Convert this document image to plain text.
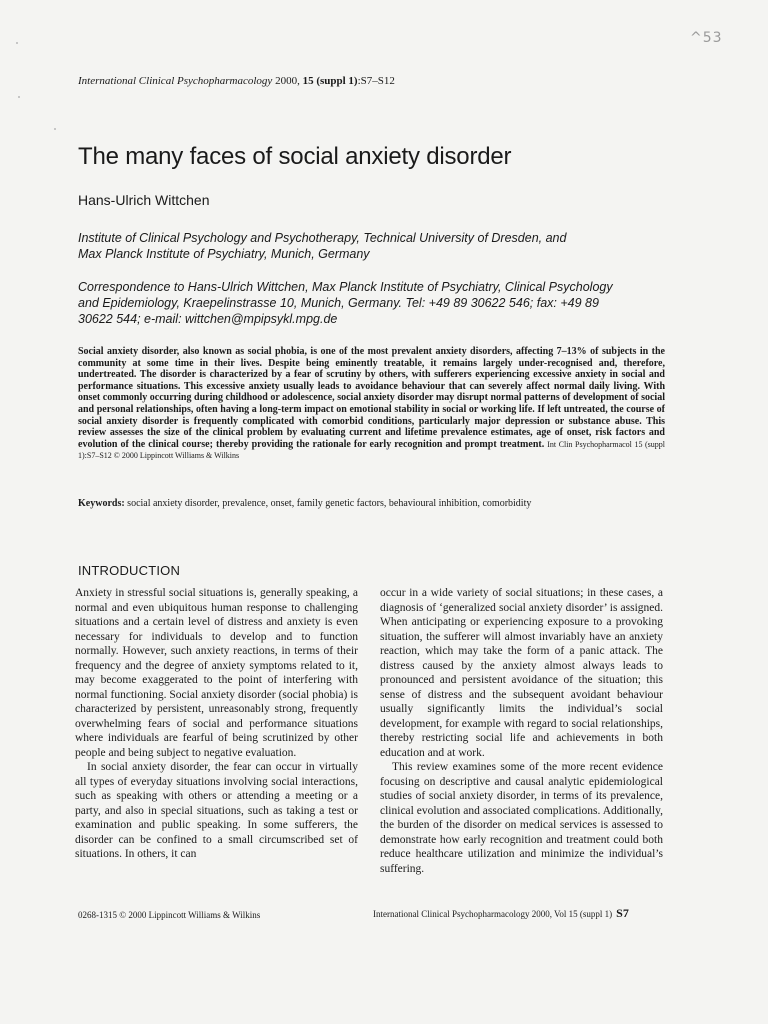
^53
International Clinical Psychopharmacology 2000, 15 (suppl 1):S7–S12
The many faces of social anxiety disorder
Hans-Ulrich Wittchen
Institute of Clinical Psychology and Psychotherapy, Technical University of Dresden, and
Max Planck Institute of Psychiatry, Munich, Germany
Correspondence to Hans-Ulrich Wittchen, Max Planck Institute of Psychiatry, Clinical Psychology
and Epidemiology, Kraepelinstrasse 10, Munich, Germany. Tel: +49 89 30622 546; fax: +49 89
30622 544; e-mail: wittchen@mpipsykl.mpg.de
Social anxiety disorder, also known as social phobia, is one of the most prevalent anxiety disorders, affecting 7–13% of subjects in the community at some time in their lives. Despite being eminently treatable, it remains largely under-recognised and, therefore, undertreated. The disorder is characterized by a fear of scrutiny by others, with sufferers experiencing excessive anxiety in social and performance situations. This excessive anxiety usually leads to avoidance behaviour that can severely affect normal daily living. With onset commonly occurring during childhood or adolescence, social anxiety disorder may disrupt normal patterns of development of social and personal relationships, often having a long-term impact on emotional stability in social or working life. If left untreated, the course of social anxiety disorder is frequently complicated with comorbid conditions, particularly major depression or substance abuse. This review assesses the size of the clinical problem by evaluating current and lifetime prevalence estimates, age of onset, risk factors and evolution of the clinical course; thereby providing the rationale for early recognition and prompt treatment. Int Clin Psychopharmacol 15 (suppl 1):S7–S12 © 2000 Lippincott Williams & Wilkins
Keywords: social anxiety disorder, prevalence, onset, family genetic factors, behavioural inhibition, comorbidity
INTRODUCTION

Anxiety in stressful social situations is, generally speaking, a normal and even ubiquitous human response to challenging situations and a certain level of distress and anxiety is even necessary for individuals to develop and to function normally. However, such anxiety reactions, in terms of their frequency and the degree of anxiety symptoms related to it, may become exaggerated to the point of interfering with normal functioning. Social anxiety disorder (social phobia) is characterized by persistent, unreasonably strong, frequently overwhelming fears of social and performance situations where individuals are fearful of being scrutinized by other people and being subject to negative evaluation.

In social anxiety disorder, the fear can occur in virtually all types of everyday situations involving social interactions, such as speaking with others or attending a meeting or a party, and also in special situations, such as taking a test or examination and public speaking. In some sufferers, the disorder can be confined to a small circumscribed set of situations. In others, it can

occur in a wide variety of social situations; in these cases, a diagnosis of ‘generalized social anxiety disorder’ is assigned. When anticipating or experiencing exposure to a provoking situation, the sufferer will almost invariably have an anxiety reaction, which may take the form of a panic attack. The distress caused by the anxiety almost always leads to pronounced and persistent avoidance of the situation; this sense of distress and the subsequent avoidant behaviour usually significantly limits the individual’s social development, for example with regard to social relationships, thereby restricting social life and achievements in both education and at work.

This review examines some of the more recent evidence focusing on descriptive and causal analytic epidemiological studies of social anxiety disorder, in terms of its prevalence, clinical evolution and associated complications. Additionally, the burden of the disorder on medical services is assessed to demonstrate how early recognition and treatment could both reduce healthcare utilization and minimize the individual’s suffering.

0268-1315 © 2000 Lippincott Williams & Wilkins	International Clinical Psychopharmacology 2000, Vol 15 (suppl 1) S7
